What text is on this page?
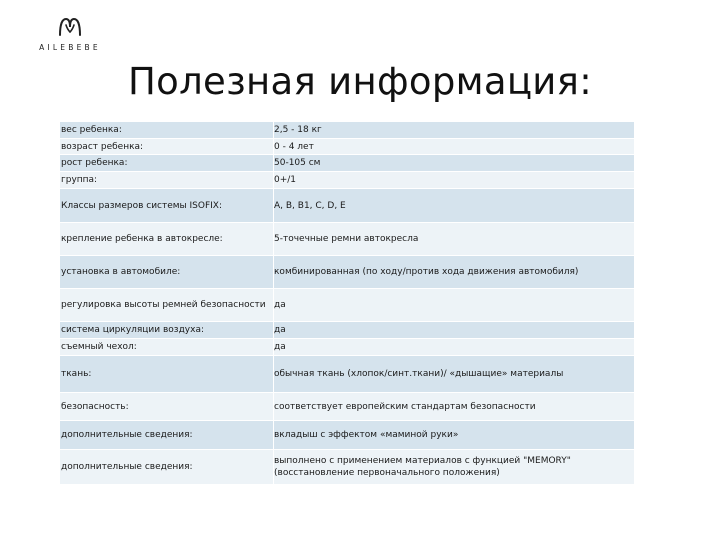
AILEBEBE
Полезная информация:
вес ребенка:	2,5 - 18 кг
возраст ребенка:	0 - 4 лет
рост ребенка:	50-105 см
группа:	0+/1
Классы размеров системы ISOFIX:	A, B, B1, C, D, E
крепление ребенка в автокресле:	5-точечные ремни автокресла
установка в автомобиле:	комбинированная (по ходу/против хода движения автомобиля)
регулировка высоты ремней безопасности	да
система циркуляции воздуха:	да
съемный чехол:	да
ткань:	обычная ткань (хлопок/синт.ткани)/ «дышащие» материалы
безопасность:	соответствует европейским стандартам безопасности
дополнительные сведения:	вкладыш с эффектом «маминой руки»
дополнительные сведения:	выполнено с применением материалов с функцией "MEMORY" (восстановление первоначального положения)
